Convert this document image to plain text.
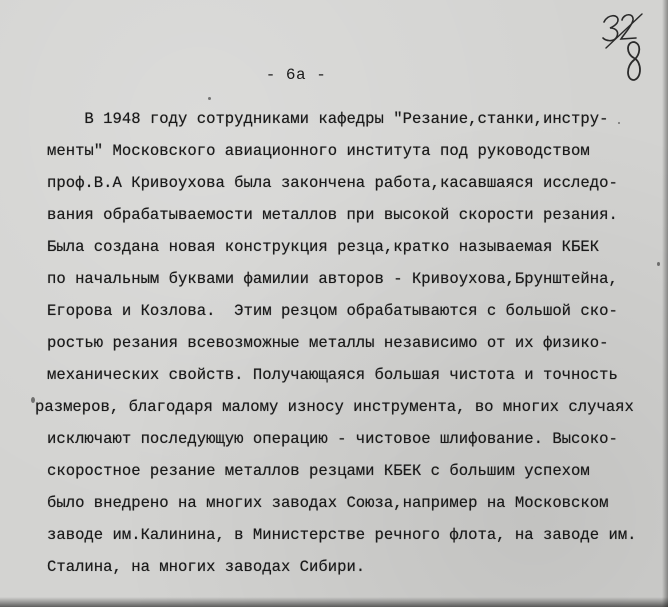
- 6а -
В 1948 году сотрудниками кафедры "Резание,станки,инстру-
менты" Московского авиационного института под руководством
проф.В.А Кривоухова была закончена работа,касавшаяся исследо-
вания обрабатываемости металлов при высокой скорости резания.
Была создана новая конструкция резца,кратко называемая КБЕК
по начальным буквами фамилии авторов - Кривоухова,Брунштейна,
Егорова и Козлова.  Этим резцом обрабатываются с большой ско-
ростью резания всевозможные металлы независимо от их физико-
механических свойств. Получающаяся большая чистота и точность
размеров, благодаря малому износу инструмента, во многих случаях
исключают последующую операцию - чистовое шлифование. Высоко-
скоростное резание металлов резцами КБЕК с большим успехом
было внедрено на многих заводах Союза,например на Московском
заводе им.Калинина, в Министерстве речного флота, на заводе им.
Сталина, на многих заводах Сибири.
